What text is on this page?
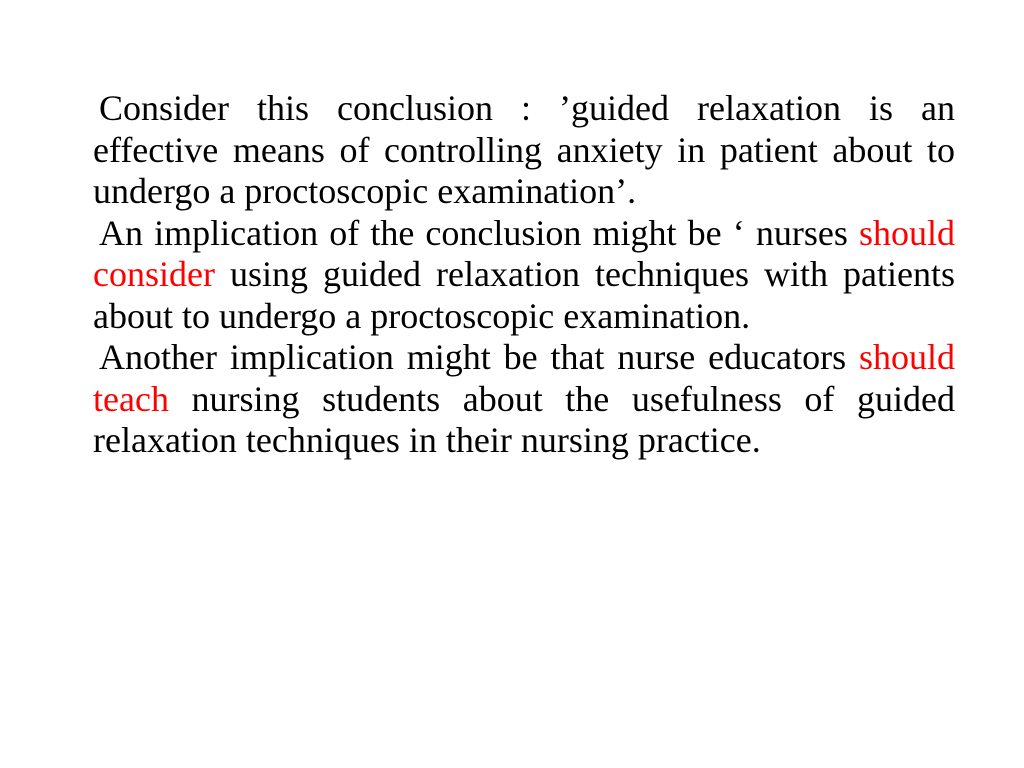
Consider this conclusion : ’guided relaxation is an effective means of controlling anxiety in patient about to undergo a proctoscopic examination’.

An implication of the conclusion might be ‘ nurses should consider using guided relaxation techniques with patients about to undergo a proctoscopic examination.

Another implication might be that nurse educators should teach nursing students about the usefulness of guided relaxation techniques in their nursing practice.
